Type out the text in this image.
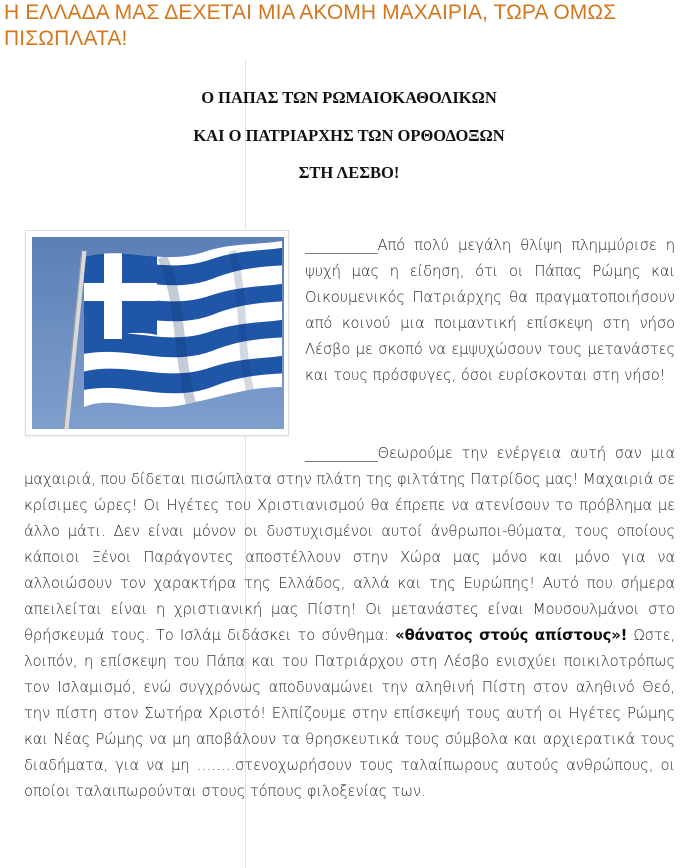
Η ΕΛΛΑΔΑ ΜΑΣ ΔΕΧΕΤΑΙ ΜΙΑ ΑΚΟΜΗ ΜΑΧΑΙΡΙΑ, ΤΩΡΑ ΟΜΩΣ ΠΙΣΩΠΛΑΤΑ!
Ο ΠΑΠΑΣ ΤΩΝ ΡΩΜΑΙΟΚΑΘΟΛΙΚΩΝ
ΚΑΙ Ο ΠΑΤΡΙΑΡΧΗΣ ΤΩΝ ΟΡΘΟΔΟΞΩΝ
ΣΤΗ ΛΕΣΒΟ!
__________Από πολύ μεγάλη θλίψη πλημμύρισε η ψυχή μας η είδηση, ότι οι Πάπας Ρώμης και Οικουμενικός Πατριάρχης θα πραγματοποιήσουν από κοινού μια ποιμαντική επίσκεψη στη νήσο Λέσβο με σκοπό να εμψυχώσουν τους μετανάστες και τους πρόσφυγες, όσοι ευρίσκονται στη νήσο!
__________Θεωρούμε την ενέργεια αυτή σαν μια μαχαιριά, που δίδεται πισώπλατα στην πλάτη της φιλτάτης Πατρίδος μας! Μαχαιριά σε κρίσιμες ώρες! Οι Ηγέτες του Χριστιανισμού θα έπρεπε να ατενίσουν το πρόβλημα με άλλο μάτι. Δεν είναι μόνον οι δυστυχισμένοι αυτοί άνθρωποι-θύματα, τους οποίους κάποιοι Ξένοι Παράγοντες αποστέλλουν στην Χώρα μας μόνο και μόνο για να αλλοιώσουν τον χαρακτήρα της Ελλάδος, αλλά και της Ευρώπης! Αυτό που σήμερα απειλείται είναι η χριστιανική μας Πίστη! Οι μετανάστες είναι Μουσουλμάνοι στο θρήσκευμά τους. Το Ισλάμ διδάσκει το σύνθημα: «θάνατος στούς απίστους»! Ωστε, λοιπόν, η επίσκεψη του Πάπα και του Πατριάρχου στη Λέσβο ενισχύει ποικιλοτρόπως τον Ισλαμισμό, ενώ συγχρόνως αποδυναμώνει την αληθινή Πίστη στον αληθινό Θεό, την πίστη στον Σωτήρα Χριστό! Ελπίζουμε στην επίσκεψή τους αυτή οι Ηγέτες Ρώμης και Νέας Ρώμης να μη αποβάλουν τα θρησκευτικά τους σύμβολα και αρχιερατικά τους διαδήματα, για να μη ……..στενοχωρήσουν τους ταλαίπωρους αυτούς ανθρώπους, οι οποίοι ταλαιπωρούνται στους τόπους φιλοξενίας των.
